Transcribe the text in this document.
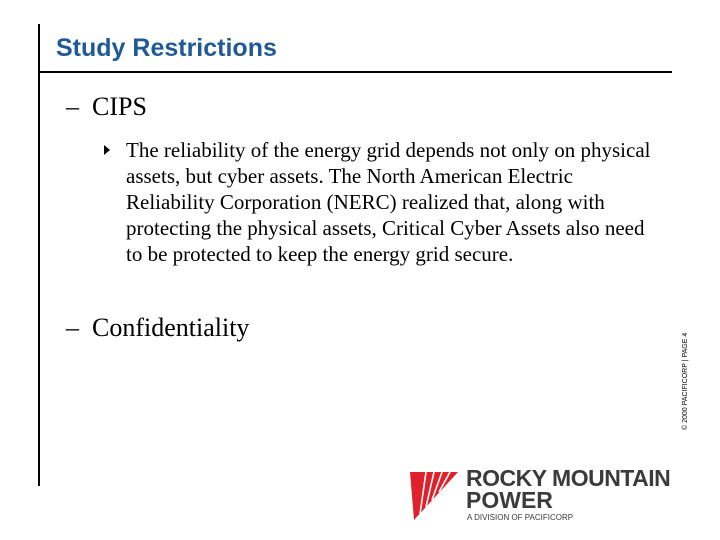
Study Restrictions
– CIPS
The reliability of the energy grid depends not only on physical assets, but cyber assets. The North American Electric Reliability Corporation (NERC) realized that, along with protecting the physical assets, Critical Cyber Assets also need to be protected to keep the energy grid secure.
– Confidentiality
© 2000 PACIFICORP | PAGE 4
ROCKY MOUNTAIN
POWER
A DIVISION OF PACIFICORP
